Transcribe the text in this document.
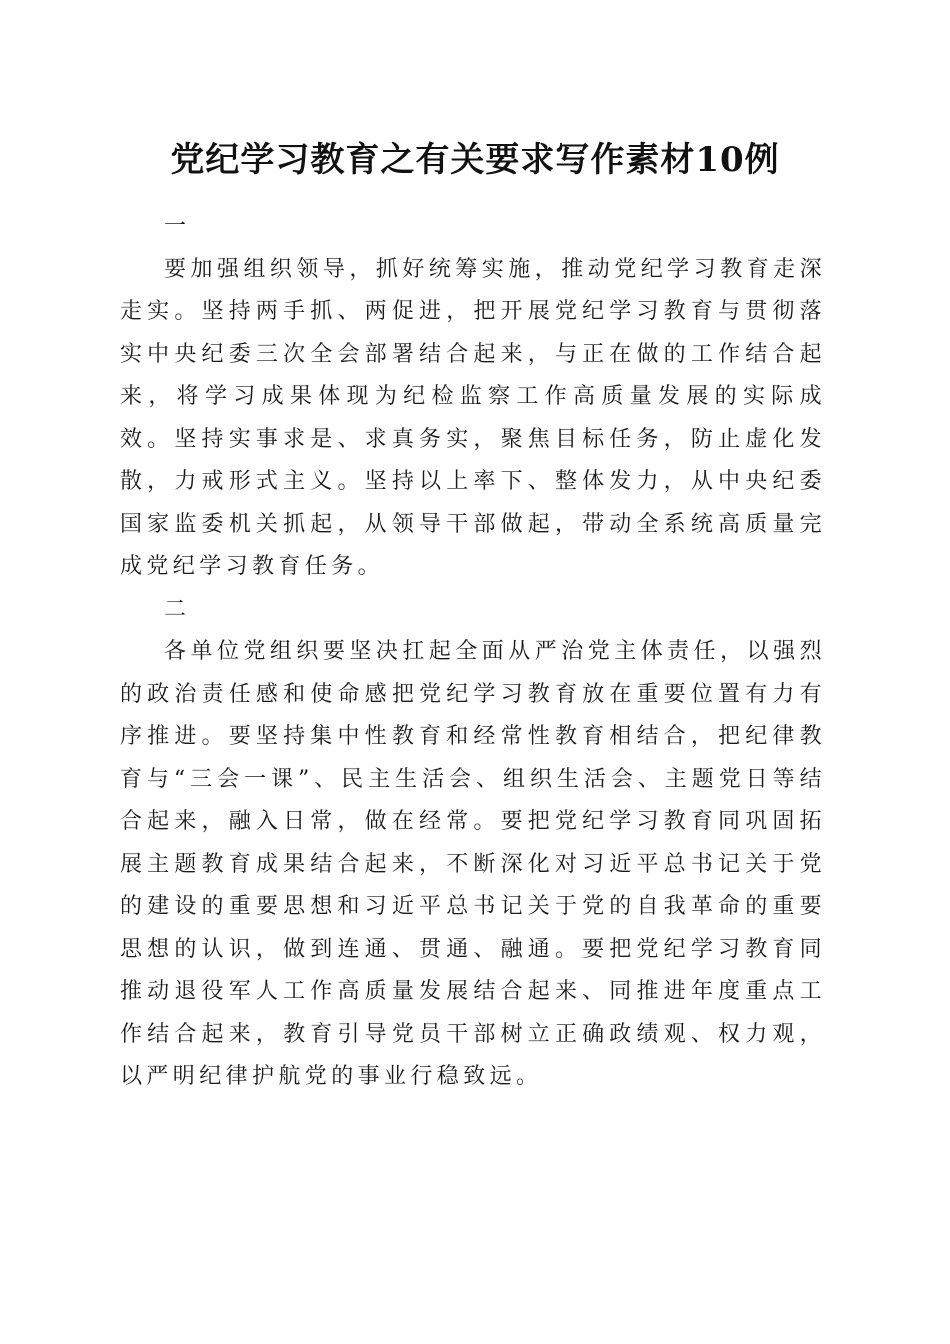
党纪学习教育之有关要求写作素材10例

一

要加强组织领导，抓好统筹实施，推动党纪学习教育走深走实。坚持两手抓、两促进，把开展党纪学习教育与贯彻落实中央纪委三次全会部署结合起来，与正在做的工作结合起来，将学习成果体现为纪检监察工作高质量发展的实际成效。坚持实事求是、求真务实，聚焦目标任务，防止虚化发散，力戒形式主义。坚持以上率下、整体发力，从中央纪委国家监委机关抓起，从领导干部做起，带动全系统高质量完成党纪学习教育任务。

二

各单位党组织要坚决扛起全面从严治党主体责任，以强烈的政治责任感和使命感把党纪学习教育放在重要位置有力有序推进。要坚持集中性教育和经常性教育相结合，把纪律教育与“三会一课”、民主生活会、组织生活会、主题党日等结合起来，融入日常，做在经常。要把党纪学习教育同巩固拓展主题教育成果结合起来，不断深化对习近平总书记关于党的建设的重要思想和习近平总书记关于党的自我革命的重要思想的认识，做到连通、贯通、融通。要把党纪学习教育同推动退役军人工作高质量发展结合起来、同推进年度重点工作结合起来，教育引导党员干部树立正确政绩观、权力观，以严明纪律护航党的事业行稳致远。
